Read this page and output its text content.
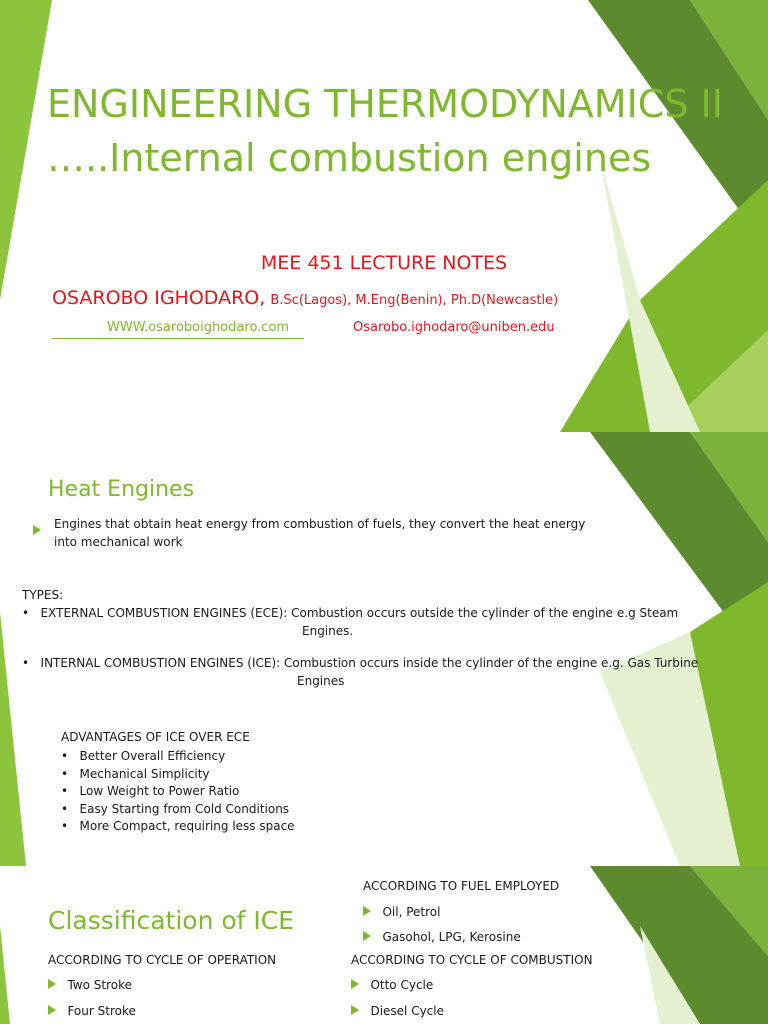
ENGINEERING THERMODYNAMICS II
…..Internal combustion engines
MEE 451 LECTURE NOTES
OSAROBO IGHODARO, B.Sc(Lagos), M.Eng(Benin), Ph.D(Newcastle)
WWW.osaroboighodaro.com	Osarobo.ighodaro@uniben.edu
Heat Engines
Engines that obtain heat energy from combustion of fuels, they convert the heat energy
into mechanical work
TYPES:
•   EXTERNAL COMBUSTION ENGINES (ECE): Combustion occurs outside the cylinder of the engine e.g Steam
Engines.
•   INTERNAL COMBUSTION ENGINES (ICE): Combustion occurs inside the cylinder of the engine e.g. Gas Turbine
Engines
ADVANTAGES OF ICE OVER ECE
•   Better Overall Efficiency
•   Mechanical Simplicity
•   Low Weight to Power Ratio
•   Easy Starting from Cold Conditions
•   More Compact, requiring less space
ACCORDING TO FUEL EMPLOYED
Oil, Petrol
Gasohol, LPG, Kerosine
Classification of ICE
ACCORDING TO CYCLE OF OPERATION
Two Stroke
Four Stroke
ACCORDING TO CYCLE OF COMBUSTION
Otto Cycle
Diesel Cycle
